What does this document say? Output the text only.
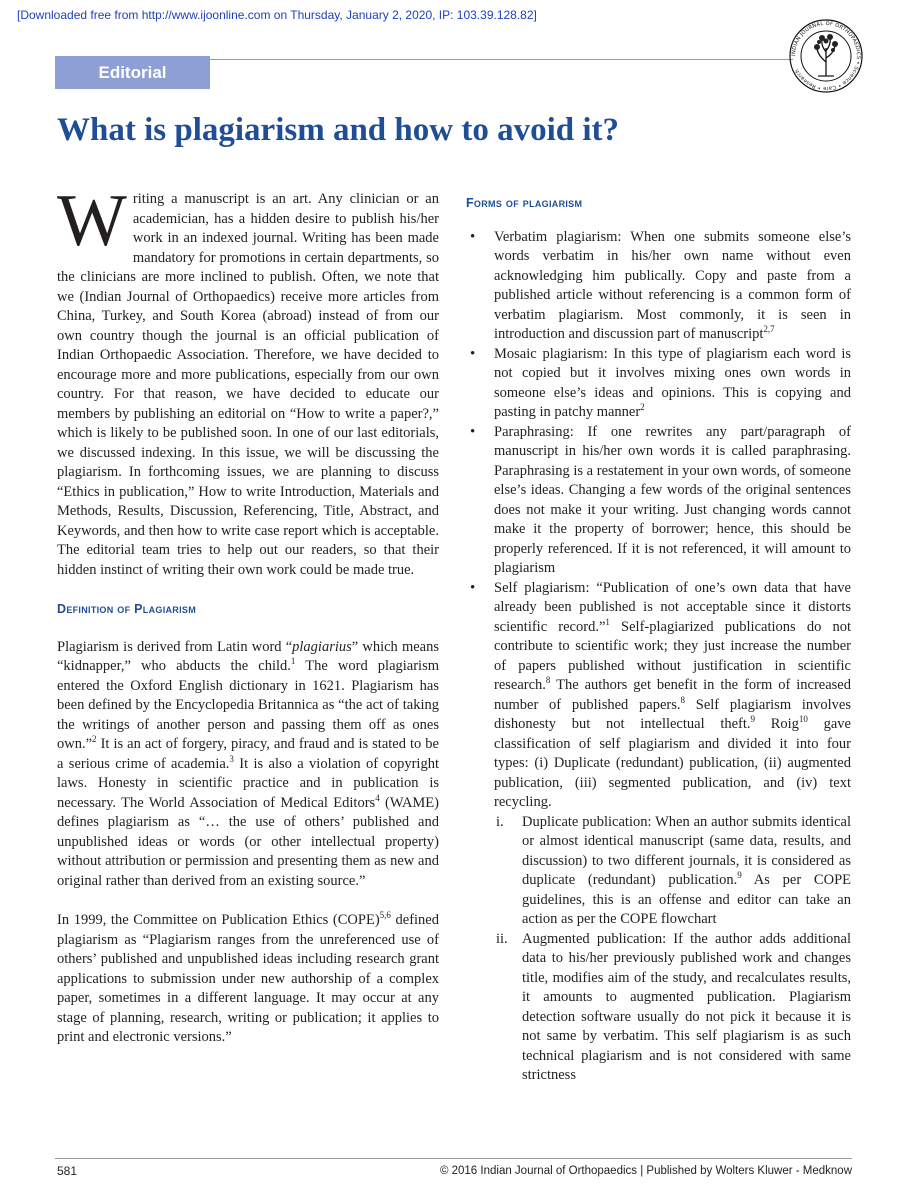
[Downloaded free from http://www.ijoonline.com on Thursday, January 2, 2020, IP: 103.39.128.82]
Editorial
INDIAN JOURNAL OF ORTHOPAEDICS • Science • Care • Research
What is plagiarism and how to avoid it?

Writing a manuscript is an art. Any clinician or an academician, has a hidden desire to publish his/her work in an indexed journal. Writing has been made mandatory for promotions in certain departments, so the clinicians are more inclined to publish. Often, we note that we (Indian Journal of Orthopaedics) receive more articles from China, Turkey, and South Korea (abroad) instead of from our own country though the journal is an official publication of Indian Orthopaedic Association. Therefore, we have decided to encourage more and more publications, especially from our own country. For that reason, we have decided to educate our members by publishing an editorial on “How to write a paper?,” which is likely to be published soon. In one of our last editorials, we discussed indexing. In this issue, we will be discussing the plagiarism. In forthcoming issues, we are planning to discuss “Ethics in publication,” How to write Introduction, Materials and Methods, Results, Discussion, Referencing, Title, Abstract, and Keywords, and then how to write case report which is acceptable. The editorial team tries to help out our readers, so that their hidden instinct of writing their own work could be made true.

Definition of Plagiarism

Plagiarism is derived from Latin word “plagiarius” which means “kidnapper,” who abducts the child.$^1$ The word plagiarism entered the Oxford English dictionary in 1621. Plagiarism has been defined by the Encyclopedia Britannica as “the act of taking the writings of another person and passing them off as ones own.”$^2$ It is an act of forgery, piracy, and fraud and is stated to be a serious crime of academia.$^3$ It is also a violation of copyright laws. Honesty in scientific practice and in publication is necessary. The World Association of Medical Editors$^4$ (WAME) defines plagiarism as “… the use of others’ published and unpublished ideas or words (or other intellectual property) without attribution or permission and presenting them as new and original rather than derived from an existing source.”

In 1999, the Committee on Publication Ethics (COPE)$^{5,6}$ defined plagiarism as “Plagiarism ranges from the unreferenced use of others’ published and unpublished ideas including research grant applications to submission under new authorship of a complex paper, sometimes in a different language. It may occur at any stage of planning, research, writing or publication; it applies to print and electronic versions.”

Forms of plagiarism
• Verbatim plagiarism: When one submits someone else’s words verbatim in his/her own name without even acknowledging him publically. Copy and paste from a published article without referencing is a common form of verbatim plagiarism. Most commonly, it is seen in introduction and discussion part of manuscript$^{2,7}$
• Mosaic plagiarism: In this type of plagiarism each word is not copied but it involves mixing ones own words in someone else’s ideas and opinions. This is copying and pasting in patchy manner$^2$
• Paraphrasing: If one rewrites any part/paragraph of manuscript in his/her own words it is called paraphrasing. Paraphrasing is a restatement in your own words, of someone else’s ideas. Changing a few words of the original sentences does not make it your writing. Just changing words cannot make it the property of borrower; hence, this should be properly referenced. If it is not referenced, it will amount to plagiarism
• Self plagiarism: “Publication of one’s own data that have already been published is not acceptable since it distorts scientific record.”$^1$ Self-plagiarized publications do not contribute to scientific work; they just increase the number of papers published without justification in scientific research.$^8$ The authors get benefit in the form of increased number of published papers.$^8$ Self plagiarism involves dishonesty but not intellectual theft.$^9$ Roig$^{10}$ gave classification of self plagiarism and divided it into four types: (i) Duplicate (redundant) publication, (ii) augmented publication, (iii) segmented publication, and (iv) text recycling.
i. Duplicate publication: When an author submits identical or almost identical manuscript (same data, results, and discussion) to two different journals, it is considered as duplicate (redundant) publication.$^9$ As per COPE guidelines, this is an offense and editor can take an action as per the COPE flowchart
ii. Augmented publication: If the author adds additional data to his/her previously published work and changes title, modifies aim of the study, and recalculates results, it amounts to augmented publication. Plagiarism detection software usually do not pick it because it is not same by verbatim. This self plagiarism is as such technical plagiarism and is not considered with same strictness
581	© 2016 Indian Journal of Orthopaedics | Published by Wolters Kluwer - Medknow
